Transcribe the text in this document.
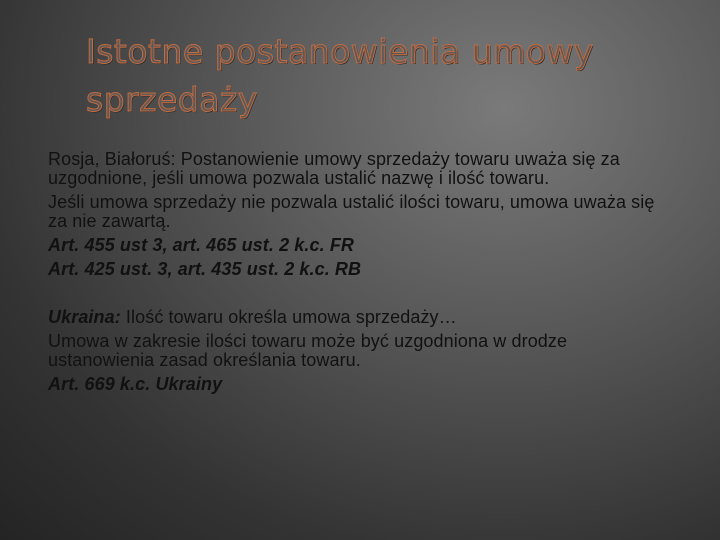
Istotne postanowienia umowy sprzedaży

Rosja, Białoruś: Postanowienie umowy sprzedaży towaru uważa się za uzgodnione, jeśli umowa pozwala ustalić nazwę i ilość towaru.

Jeśli umowa sprzedaży nie pozwala ustalić ilości towaru, umowa uważa się za nie zawartą.

Art. 455 ust 3, art. 465 ust. 2 k.c. FR

Art. 425 ust. 3, art. 435 ust. 2 k.c. RB

Ukraina: Ilość towaru określa umowa sprzedaży…

Umowa w zakresie ilości towaru może być uzgodniona w drodze ustanowienia zasad określania towaru.

Art. 669 k.c. Ukrainy
